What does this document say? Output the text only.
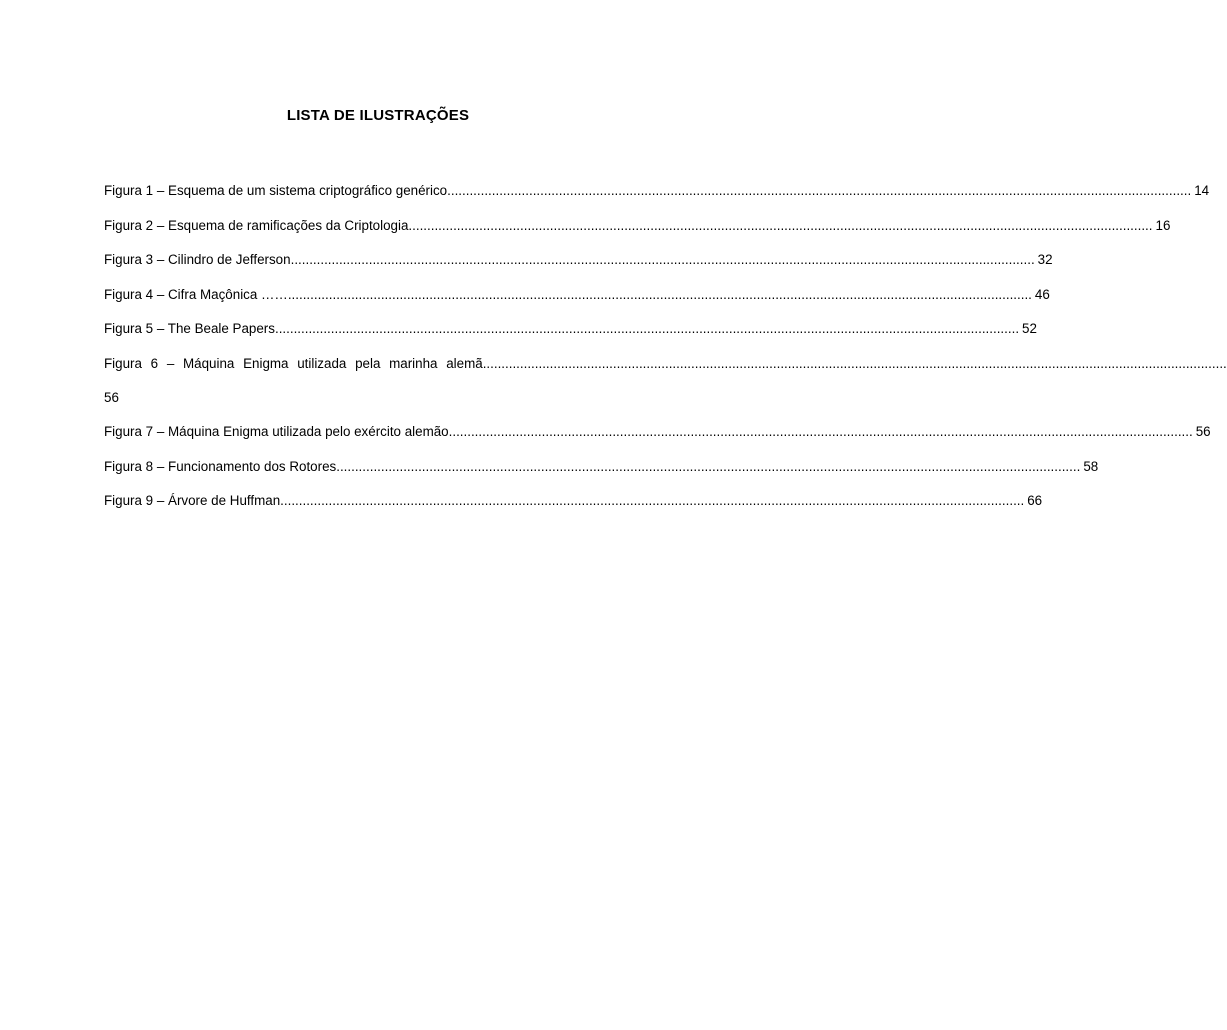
LISTA DE ILUSTRAÇÕES
Figura 1 – Esquema de um sistema criptográfico genérico ........................................................................................................................................................................................................ 14
Figura 2 – Esquema de ramificações da Criptologia ........................................................................................................................................................................................................ 16
Figura 3 – Cilindro de Jefferson ........................................................................................................................................................................................................ 32
Figura 4 – Cifra Maçônica …… ........................................................................................................................................................................................................ 46
Figura 5 – The Beale Papers ........................................................................................................................................................................................................ 52
Figura 6 – Máquina Enigma utilizada pela marinha alemã ........................................................................................................................................................................................................
56
Figura 7 – Máquina Enigma utilizada pelo exército alemão ........................................................................................................................................................................................................ 56
Figura 8 – Funcionamento dos Rotores ........................................................................................................................................................................................................ 58
Figura 9 – Árvore de Huffman ........................................................................................................................................................................................................ 66
